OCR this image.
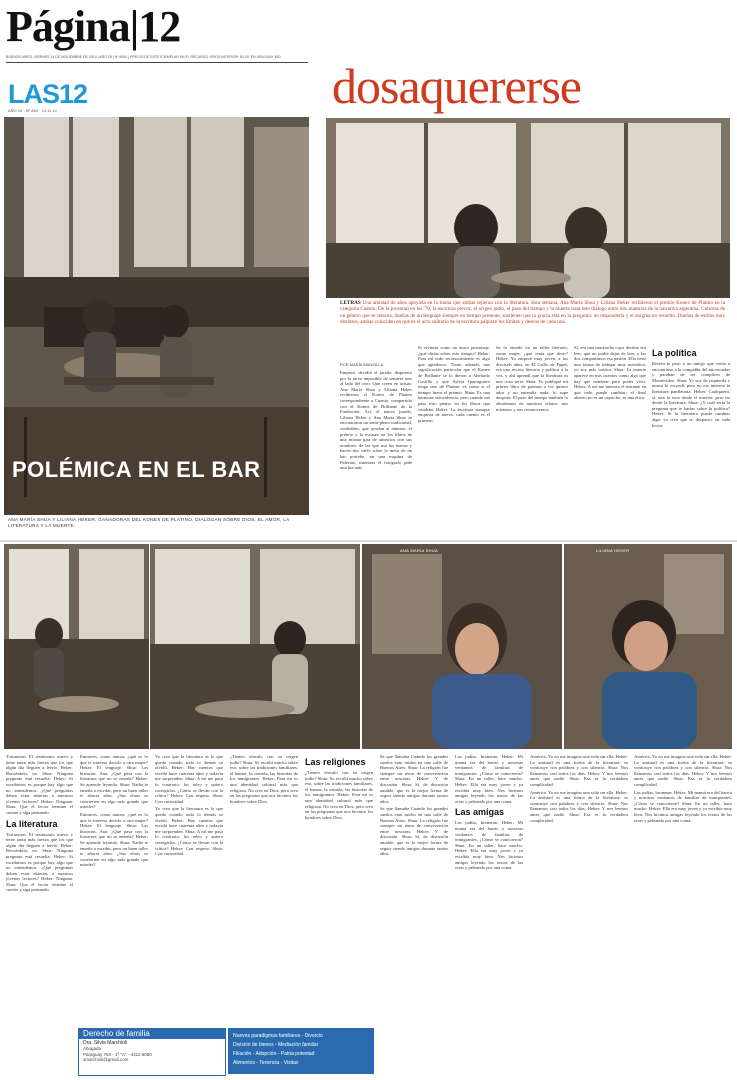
Página|12
BUENOS AIRES, VIERNES 14 DE NOVIEMBRE DE 2014 | AÑO 28 | Nº 9000 | PRECIO DE ESTE EJEMPLAR $9,00. RECARGO VENTA INTERIOR: $1,00. EN URUGUAY $40
LAS12
AÑO 16 · Nº 884 · 14.11.14
POLÉMICA EN EL BAR
ANA MARÍA SHUA Y LILIANA HEKER, GANADORAS DEL KONEX DE PLATINO, DIALOGAN SOBRE DIOS, EL AMOR, LA LITERATURA Y LA MUERTE.
dosaquererse
LETRAS Una amistad de años apoyada en la trama que ambas tejieron con la literatura. Esta semana, Ana María Shua y Liliana Heker recibieron el premio Konex de Platino en la categoría Cuento. De la juventud en los '70, la escritura precoz, el origen judío, el paso del tiempo y la muerte trata este diálogo entre dos maestras de la narrativa argentina. Cultoras de un género que se retacea, dueñas de un lenguaje siempre en tiempo presente, sostienen que la gracia está en la pregunta: no responderla y el enigma no resuelto. Dueñas de estilos muy distintos, ambas coinciden en que es el acto solitario de la escritura palpitan los límites y deseos de cada una.
POR MARÍA MANSILLA

Empezó, decidió el jurado, dispuesto por la tarea imposible de sentirse uno al lado del otro. Que creen en actuar. Ana María Shua y Liliana Heker recibieron el Konex de Platino correspondiente a Cuento, compartido con el Konex de Brillante de la Fundación. Así, el nuevo jurado, Liliana Heker y Ana María Shua se encontraron un semi-pleno tradicional, confiables, que ayudan al número, el premio y la escasez en los libros de una misma gira de anuncios con sus nombres: de las que usa las manos y hacen dos cafés sobre la mesa de un bar porteño, en una esquina de Palermo, mientras el fotógrafo pide una luz más.

Si vivieras como un único personaje, ¿qué dirías sobre este tiempo? Heker: Para mí todo reconocimiento es algo que agradezco. Tiene, además, una significación particular que el Konex de Brillante se lo dieron a Abelardo Castillo y que Sylvia Iparraguirre tenga uno de Platino: es como si el tiempo fuera el premio. Shua: Es una hermosa coincidencia, pero cuando me pasa esto pienso en los libros que vendrán. Heker: La escritura siempre empieza de nuevo, cada cuento es el primero.

Se lo enseñó en un taller literario, como mujer, ¿qué tenía que decir? Heker: Yo empecé muy joven, a los dieciséis años, en El Grillo de Papel; era una revista literaria y política a la vez, y ahí aprendí que la literatura es una cosa seria. Shua: Yo publiqué mi primer libro de poemas a los quince años y no entendía nada; lo supe después. El paso del tiempo también lo abordamos en nuestros relatos: nos miramos y nos reconocemos.

Sí, era una muchacha cuyo destino era leer, que no podía dejar de leer, y las dos compartimos esa pasión. Ella tiene una forma de trabajar muy metódica; yo soy más caótica. Shua: La muerte aparece en mis cuentos como algo que hay que nombrar para poder vivir. Heker: A mí me interesa el instante en que todo puede cambiar; el final abierto no es un capricho, es una ética.

La política

Recién le pasó a un amigo que venía a encontrarse a la compañía del microondas y paraban de ser cómplices de Montevideo. Shua: Yo soy de izquierda y nunca lo escondí, pero no me interesa la literatura panfletaria. Heker: Cualquiera, sí, una la vota desde el interior, pero no desde la literatura. Shua: ¿Y cuál sería la pregunta que te harías sobre la política? Heker: Si la literatura puede cambiar algo; yo creo que sí, despacio, en cada lector.

ANA MARÍA SHUA	LILIANA HEKER

Torturaron. El testimonio nuevo y tiene tanto más fuerza que los que algún día lleguen a leerlo. Heker: Recuérdalo, no. Shua: Ninguna pregunta está resuelta. Heker: Si escribimos es porque hay algo que no entendemos. ¿Qué preguntas deben estar abiertas a nuestros jóvenes lectores? Heker: Ninguna. Shua: Que el lector termine el cuento y siga pensando.

La literatura

Torturaron. El testimonio nuevo y tiene tanto más fuerza que los que algún día lleguen a leerlo. Heker: Recuérdalo, no. Shua: Ninguna pregunta está resuelta. Heker: Si escribimos es porque hay algo que no entendemos. ¿Qué preguntas deben estar abiertas a nuestros jóvenes lectores? Heker: Ninguna. Shua: Que el lector termine el cuento y siga pensando.

Entonces, como autora, ¿qué es lo que te interesa decirle a otra mujer? Heker: El lenguaje. Shua: Las historias. Ana: ¿Qué pasa con la literatura que no se enseña? Heker: Se aprende leyendo. Shua: Nadie te enseña a escribir, pero un buen taller te ahorra años. ¿Sus obras se convierten en algo más grande que ustedes?

Entonces, como autora, ¿qué es lo que te interesa decirle a otra mujer? Heker: El lenguaje. Shua: Las historias. Ana: ¿Qué pasa con la literatura que no se enseña? Heker: Se aprende leyendo. Shua: Nadie te enseña a escribir, pero un buen taller te ahorra años. ¿Sus obras se convierten en algo más grande que ustedes?

Yo creo que la literatura es lo que queda cuando todo lo demás se olvidó. Heker: Hay cuentos que escribí hace cuarenta años y todavía me sorprenden. Shua: A mí me pasa lo contrario: los releo y quiero corregirlos. ¿Cómo se llevan con la crítica? Heker: Con respeto. Shua: Con curiosidad.

Yo creo que la literatura es lo que queda cuando todo lo demás se olvidó. Heker: Hay cuentos que escribí hace cuarenta años y todavía me sorprenden. Shua: A mí me pasa lo contrario: los releo y quiero corregirlos. ¿Cómo se llevan con la crítica? Heker: Con respeto. Shua: Con curiosidad.

¿Tienen vínculo con su origen judío? Shua: Yo escribí mucho sobre eso, sobre las tradiciones familiares, el humor, la comida, las historias de los inmigrantes. Heker: Para mí es una identidad cultural más que religiosa. No creo en Dios, pero creo en las preguntas que nos hicimos los hombres sobre Dios.

Las religiones

¿Tienen vínculo con su origen judío? Shua: Yo escribí mucho sobre eso, sobre las tradiciones familiares, el humor, la comida, las historias de los inmigrantes. Heker: Para mí es una identidad cultural más que religiosa. No creo en Dios, pero creo en las preguntas que nos hicimos los hombres sobre Dios.

Se que llamaba Cuando los grandes sueños eran ruidos en una calle de Buenos Aires. Shua: La religión fue siempre un tema de conversación entre nosotras. Heker: Y de discusión. Shua: Sí, de discusión amable, que es la mejor forma de seguir siendo amigas durante tantos años.

Se que llamaba Cuando los grandes sueños eran ruidos en una calle de Buenos Aires. Shua: La religión fue siempre un tema de conversación entre nosotras. Heker: Y de discusión. Shua: Sí, de discusión amable, que es la mejor forma de seguir siendo amigas durante tantos años.

Las judías, bromean. Heker: Mi mamá era del barrio y nosotras veníamos de familias de inmigrantes. ¿Cómo se conocieron? Shua: En un taller, hace mucho. Heker: Ella era muy joven y ya escribía muy bien. Nos hicimos amigas leyendo los textos de las otras y peleando por una coma.

Las amigas

Las judías, bromean. Heker: Mi mamá era del barrio y nosotras veníamos de familias de inmigrantes. ¿Cómo se conocieron? Shua: En un taller, hace mucho. Heker: Ella era muy joven y ya escribía muy bien. Nos hicimos amigas leyendo los textos de las otras y peleando por una coma.

América. Yo no me imagino una vida sin ella. Heker: La amistad es una forma de la literatura: se construye con palabras y con silencio. Shua: Nos llamamos casi todos los días. Heker: Y nos leemos antes que nadie. Shua: Esa es la verdadera complicidad.

América. Yo no me imagino una vida sin ella. Heker: La amistad es una forma de la literatura: se construye con palabras y con silencio. Shua: Nos llamamos casi todos los días. Heker: Y nos leemos antes que nadie. Shua: Esa es la verdadera complicidad.

América. Yo no me imagino una vida sin ella. Heker: La amistad es una forma de la literatura: se construye con palabras y con silencio. Shua: Nos llamamos casi todos los días. Heker: Y nos leemos antes que nadie. Shua: Esa es la verdadera complicidad.

Las judías, bromean. Heker: Mi mamá era del barrio y nosotras veníamos de familias de inmigrantes. ¿Cómo se conocieron? Shua: En un taller, hace mucho. Heker: Ella era muy joven y ya escribía muy bien. Nos hicimos amigas leyendo los textos de las otras y peleando por una coma.

Derecho de familia
Dra. Silvia Marchioli
Abogada
Paraguay 764 - 1º "A" - 4311-5060
smarchioli@gmail.com
Nuevos paradigmas familiares - Divorcio
División de bienes - Mediación familiar
Filiación - Adopción - Patria potestad
Alimentos - Tenencia - Visitas
